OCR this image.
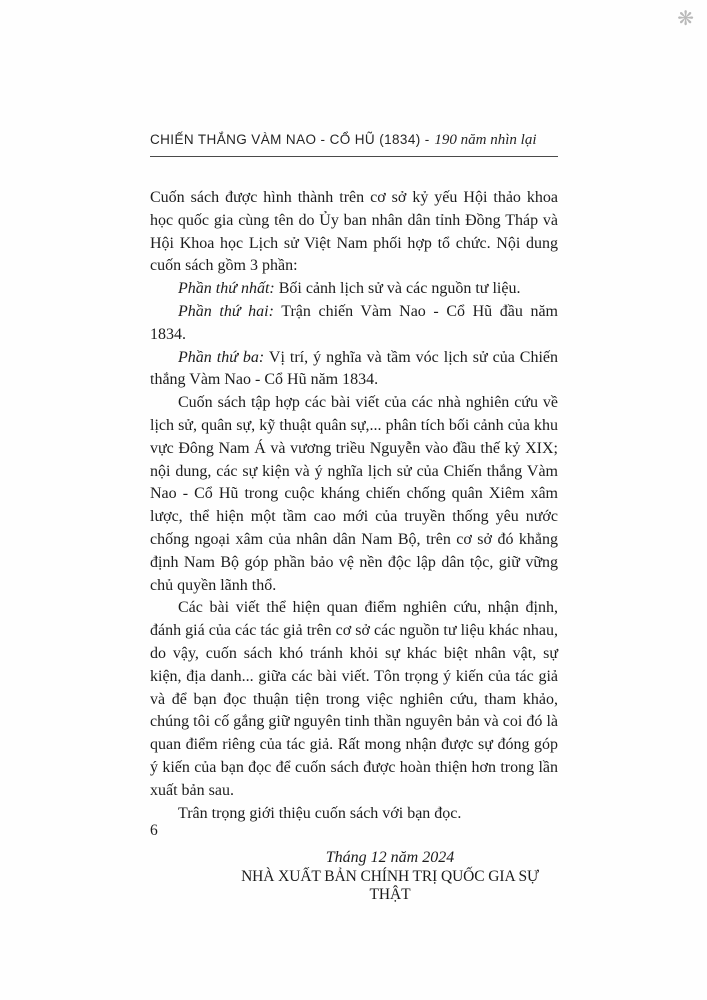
❋
CHIẾN THẮNG VÀM NAO - CỔ HŨ (1834) - 190 năm nhìn lại

Cuốn sách được hình thành trên cơ sở kỷ yếu Hội thảo khoa học quốc gia cùng tên do Ủy ban nhân dân tỉnh Đồng Tháp và Hội Khoa học Lịch sử Việt Nam phối hợp tổ chức. Nội dung cuốn sách gồm 3 phần:

Phần thứ nhất: Bối cảnh lịch sử và các nguồn tư liệu.

Phần thứ hai: Trận chiến Vàm Nao - Cổ Hũ đầu năm 1834.

Phần thứ ba: Vị trí, ý nghĩa và tầm vóc lịch sử của Chiến thắng Vàm Nao - Cổ Hũ năm 1834.

Cuốn sách tập hợp các bài viết của các nhà nghiên cứu về lịch sử, quân sự, kỹ thuật quân sự,... phân tích bối cảnh của khu vực Đông Nam Á và vương triều Nguyễn vào đầu thế kỷ XIX; nội dung, các sự kiện và ý nghĩa lịch sử của Chiến thắng Vàm Nao - Cổ Hũ trong cuộc kháng chiến chống quân Xiêm xâm lược, thể hiện một tầm cao mới của truyền thống yêu nước chống ngoại xâm của nhân dân Nam Bộ, trên cơ sở đó khẳng định Nam Bộ góp phần bảo vệ nền độc lập dân tộc, giữ vững chủ quyền lãnh thổ.

Các bài viết thể hiện quan điểm nghiên cứu, nhận định, đánh giá của các tác giả trên cơ sở các nguồn tư liệu khác nhau, do vậy, cuốn sách khó tránh khỏi sự khác biệt nhân vật, sự kiện, địa danh... giữa các bài viết. Tôn trọng ý kiến của tác giả và để bạn đọc thuận tiện trong việc nghiên cứu, tham khảo, chúng tôi cố gắng giữ nguyên tinh thần nguyên bản và coi đó là quan điểm riêng của tác giả. Rất mong nhận được sự đóng góp ý kiến của bạn đọc để cuốn sách được hoàn thiện hơn trong lần xuất bản sau.

Trân trọng giới thiệu cuốn sách với bạn đọc.

Tháng 12 năm 2024
NHÀ XUẤT BẢN CHÍNH TRỊ QUỐC GIA SỰ THẬT
6
